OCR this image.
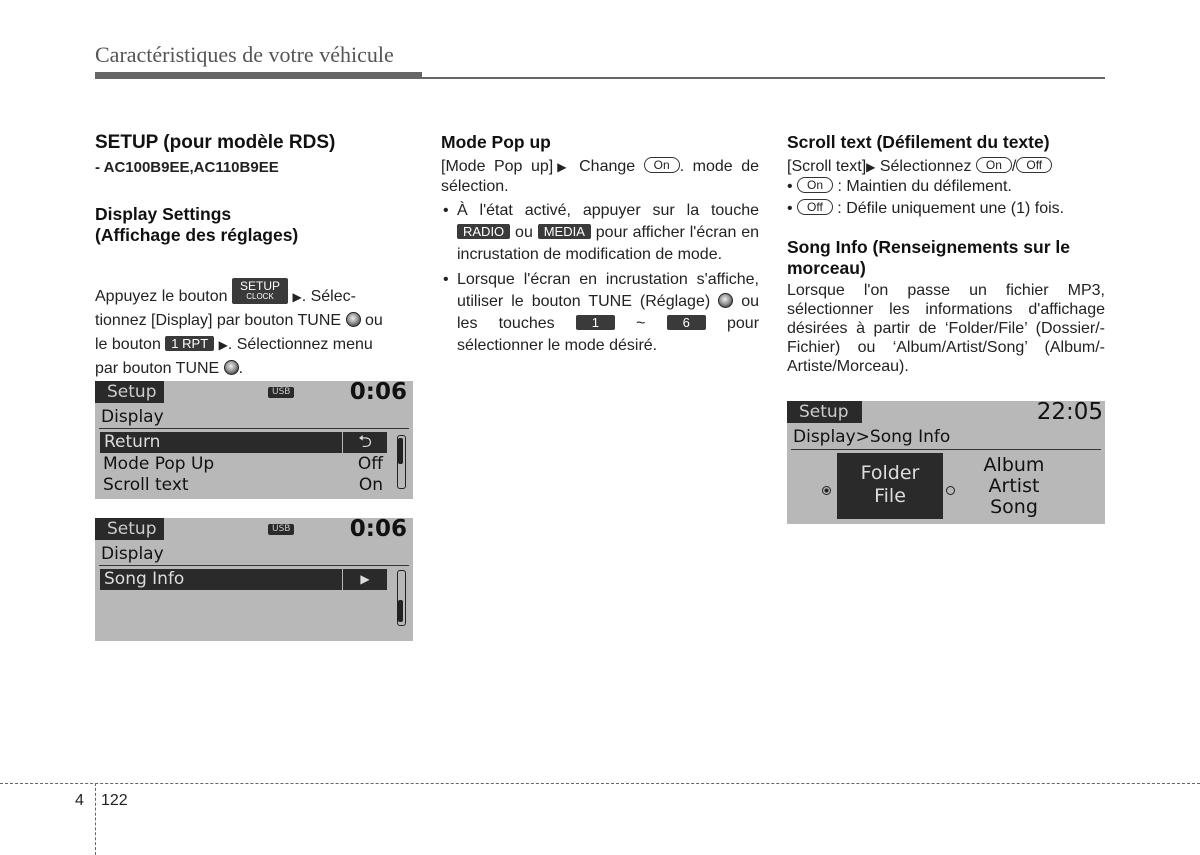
Caractéristiques de votre véhicule
SETUP (pour modèle RDS)
- AC100B9EE,AC110B9EE
Display Settings
(Affichage des réglages)

Appuyez le bouton
SETUP
CLOCK	▶. Sélec-
tionnez [Display] par bouton TUNE ou
le bouton 1 RPT ▶. Sélectionnez menu
par bouton TUNE .

Setup	USB	0:06
Display
Return	⮌
Mode Pop Up	Off
Scroll text	On
Setup	USB	0:06
Display
Song Info	▶
Mode Pop up

[Mode Pop up]▶ Change On . mode de sélection.

• À l'état activé, appuyer sur la touche RADIO ou MEDIA pour afficher l'écran en incrustation de modification de mode.
• Lorsque l'écran en incrustation s'affiche, utiliser le bouton TUNE (Réglage) ou les touches	1 ~	6 pour sélectionner le mode désiré.
Scroll text (Défilement du texte)

[Scroll text]▶ Sélectionnez On / Off

• On : Maintien du défilement.

• Off : Défile uniquement une (1) fois.

Song Info (Renseignements sur le morceau)

Lorsque l'on passe un fichier MP3, sélectionner les informations d'affichage désirées à partir de ‘Folder/File’ (Dossier/-Fichier) ou ‘Album/Artist/Song’ (Album/-Artiste/Morceau).

Setup	22:05
Display>Song Info
Folder
File
Album
Artist
Song
4 122
